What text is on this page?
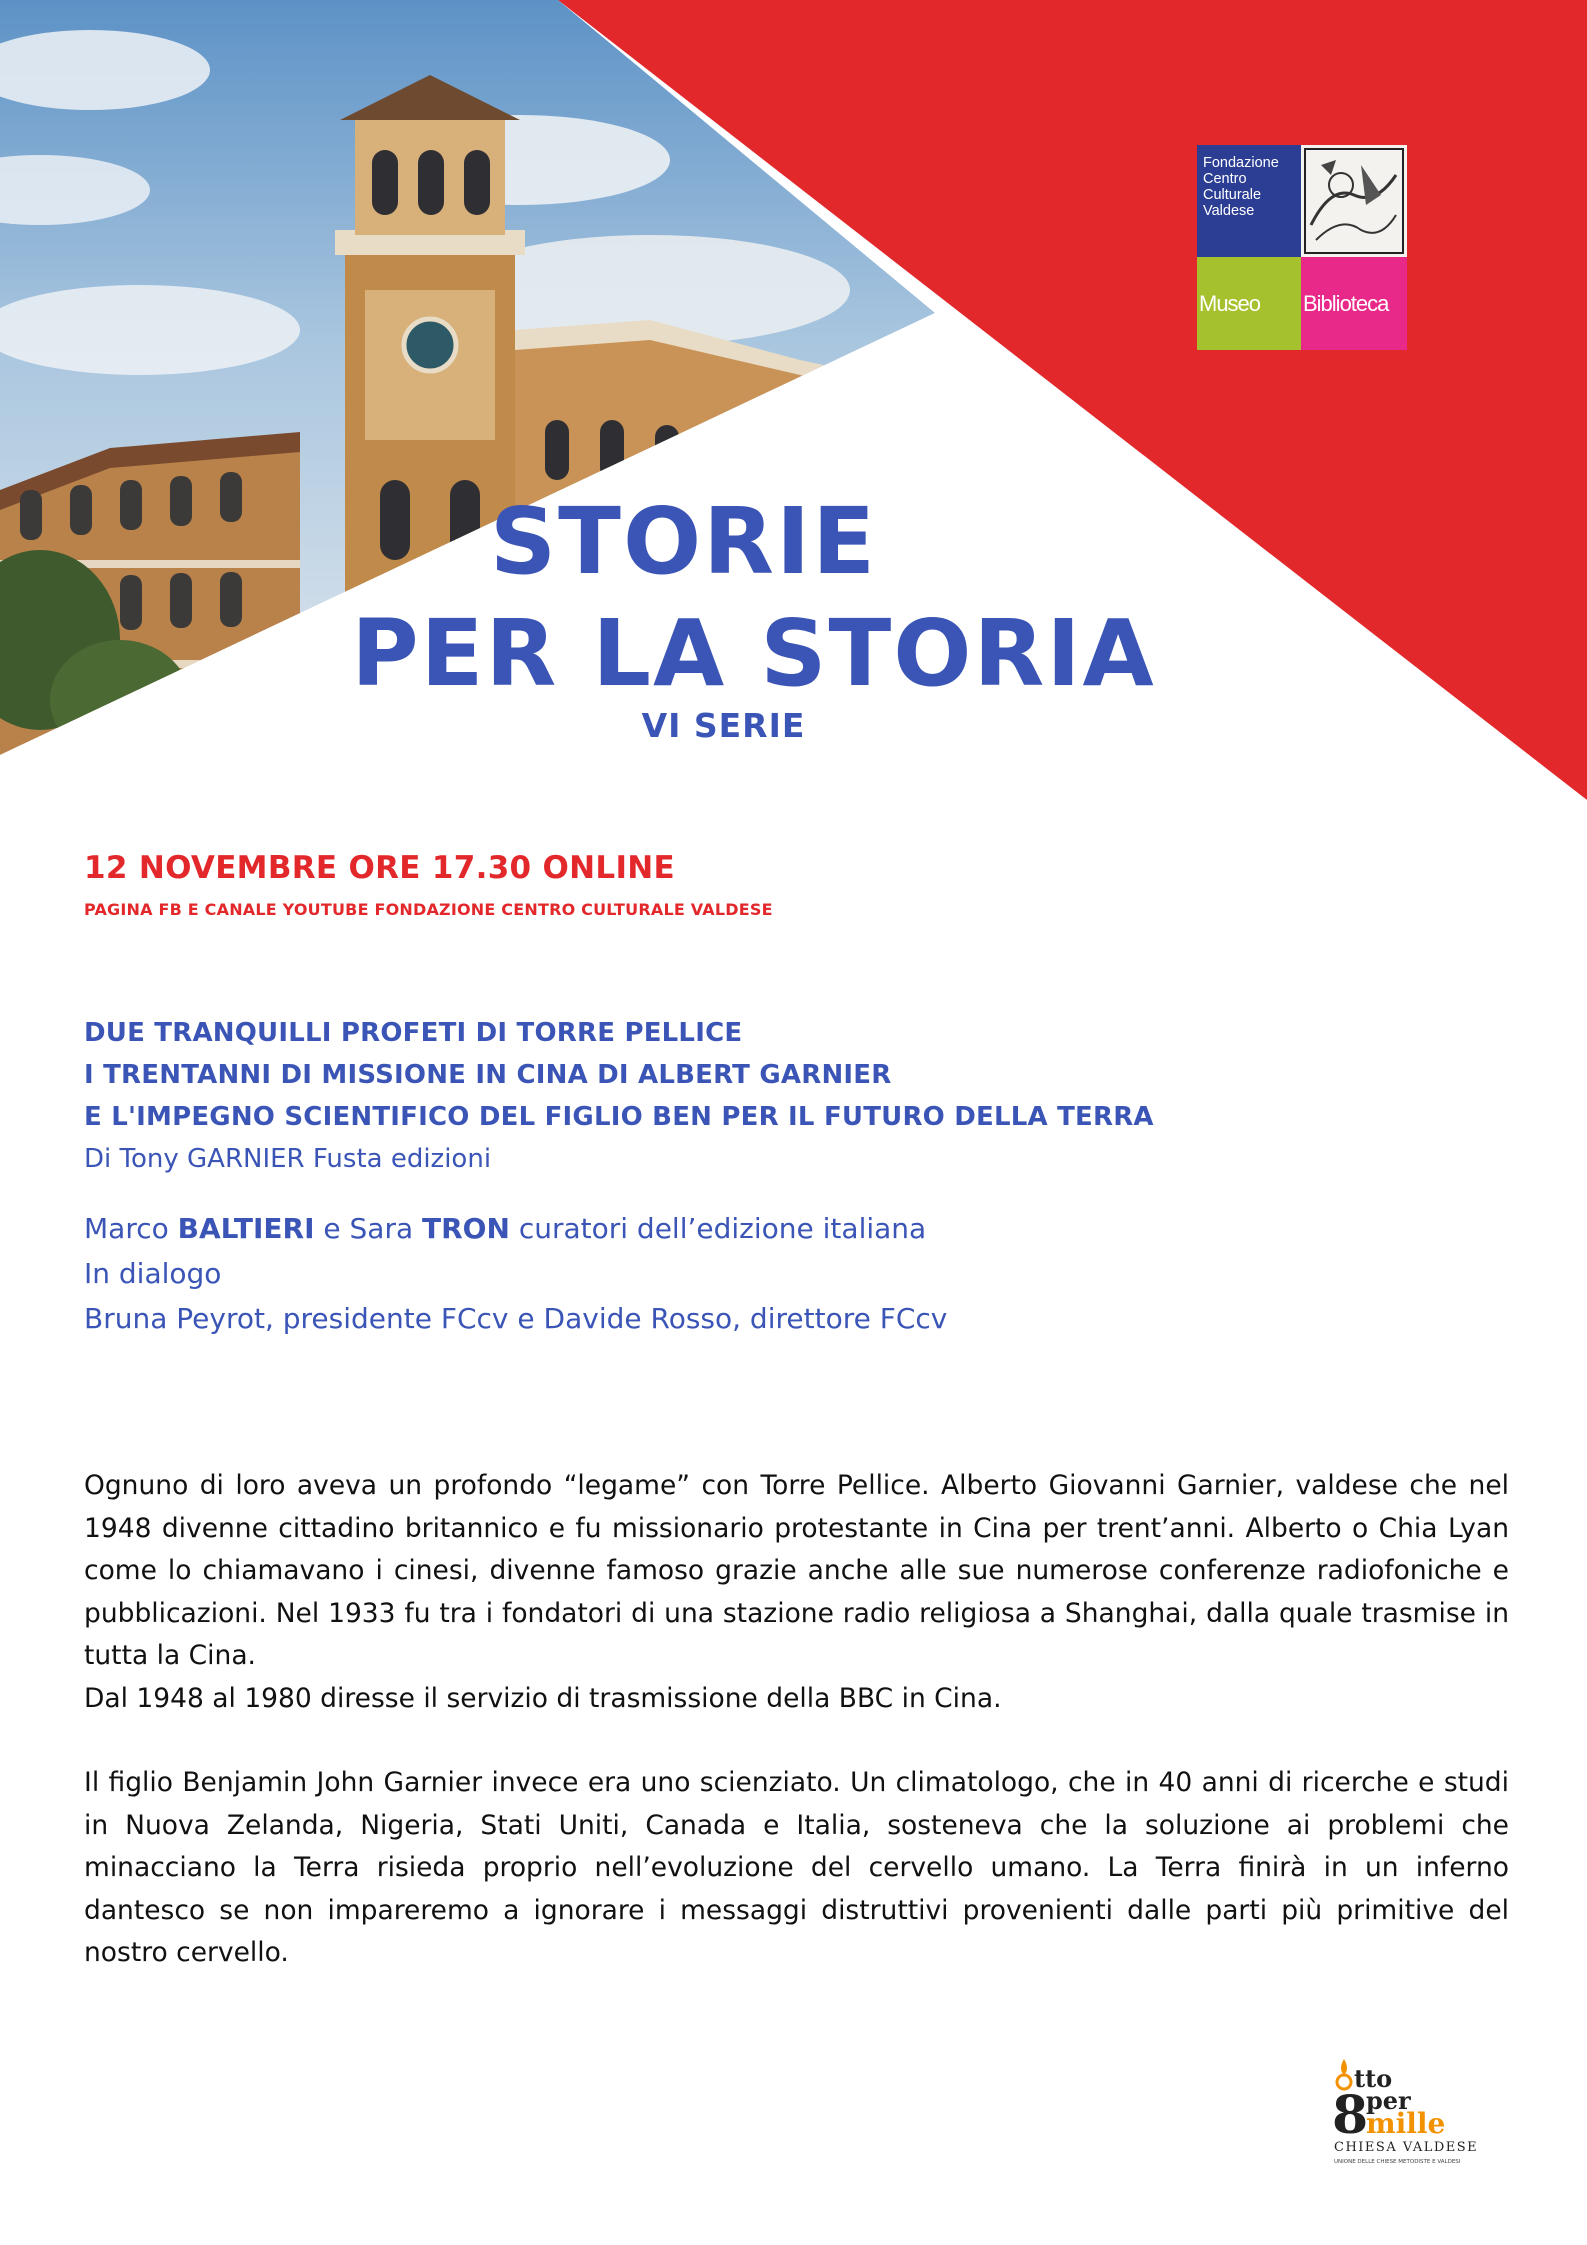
Fondazione
Centro
Culturale
Valdese
Museo	Biblioteca
STORIE
PER LA STORIA
VI SERIE
12 NOVEMBRE ORE 17.30 ONLINE
PAGINA FB E CANALE YOUTUBE FONDAZIONE CENTRO CULTURALE VALDESE
DUE TRANQUILLI PROFETI DI TORRE PELLICE
I TRENTANNI DI MISSIONE IN CINA DI ALBERT GARNIER
E L'IMPEGNO SCIENTIFICO DEL FIGLIO BEN PER IL FUTURO DELLA TERRA
Di Tony GARNIER Fusta edizioni
Marco BALTIERI e Sara TRON curatori dell’edizione italiana
In dialogo
Bruna Peyrot, presidente FCcv e Davide Rosso, direttore FCcv

Ognuno di loro aveva un profondo “legame” con Torre Pellice. Alberto Giovanni Garnier, valdese che nel 1948 divenne cittadino britannico e fu missionario protestante in Cina per trent’anni. Alberto o Chia Lyan come lo chiamavano i cinesi, divenne famoso grazie anche alle sue numerose conferenze radiofoniche e pubblicazioni. Nel 1933 fu tra i fondatori di una stazione radio religiosa a Shanghai, dalla quale trasmise in tutta la Cina.

Dal 1948 al 1980 diresse il servizio di trasmissione della BBC in Cina.

Il figlio Benjamin John Garnier invece era uno scienziato. Un climatologo, che in 40 anni di ricerche e studi in Nuova Zelanda, Nigeria, Stati Uniti, Canada e Italia, sosteneva che la soluzione ai problemi che minacciano la Terra risieda proprio nell’evoluzione del cervello umano. La Terra finirà in un inferno dantesco se non impareremo a ignorare i messaggi distruttivi provenienti dalle parti più primitive del nostro cervello.

tto
8
per
mille
CHIESA VALDESE
UNIONE DELLE CHIESE METODISTE E VALDESI
